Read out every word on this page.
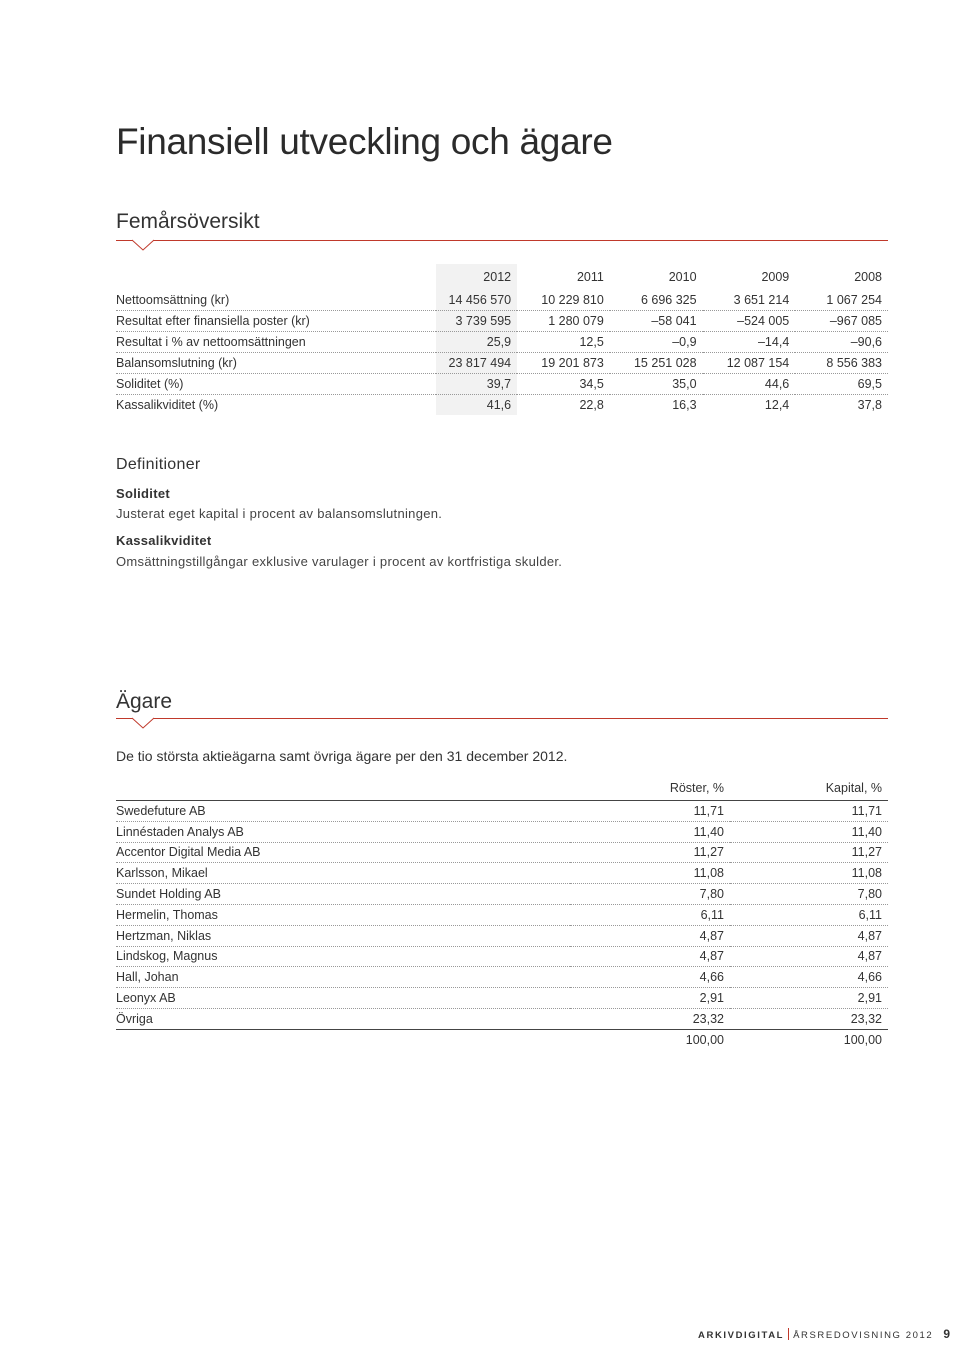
Finansiell utveckling och ägare
Femårsöversikt
	2012	2011	2010	2009	2008
Nettoomsättning (kr)	14 456 570	10 229 810	6 696 325	3 651 214	1 067 254
Resultat efter finansiella poster (kr)	3 739 595	1 280 079	–58 041	–524 005	–967 085
Resultat i % av nettoomsättningen	25,9	12,5	–0,9	–14,4	–90,6
Balansomslutning (kr)	23 817 494	19 201 873	15 251 028	12 087 154	8 556 383
Soliditet (%)	39,7	34,5	35,0	44,6	69,5
Kassalikviditet (%)	41,6	22,8	16,3	12,4	37,8
Definitioner
Soliditet
Justerat eget kapital i procent av balansomslutningen.
Kassalikviditet
Omsättningstillgångar exklusive varulager i procent av kortfristiga skulder.
Ägare
De tio största aktieägarna samt övriga ägare per den 31 december 2012.
	Röster, %	Kapital, %
Swedefuture AB	11,71	11,71
Linnéstaden Analys AB	11,40	11,40
Accentor Digital Media AB	11,27	11,27
Karlsson, Mikael	11,08	11,08
Sundet Holding AB	7,80	7,80
Hermelin, Thomas	6,11	6,11
Hertzman, Niklas	4,87	4,87
Lindskog, Magnus	4,87	4,87
Hall, Johan	4,66	4,66
Leonyx AB	2,91	2,91
Övriga	23,32	23,32
	100,00	100,00
ARKIVDIGITAL ÅRSREDOVISNING 2012 9
